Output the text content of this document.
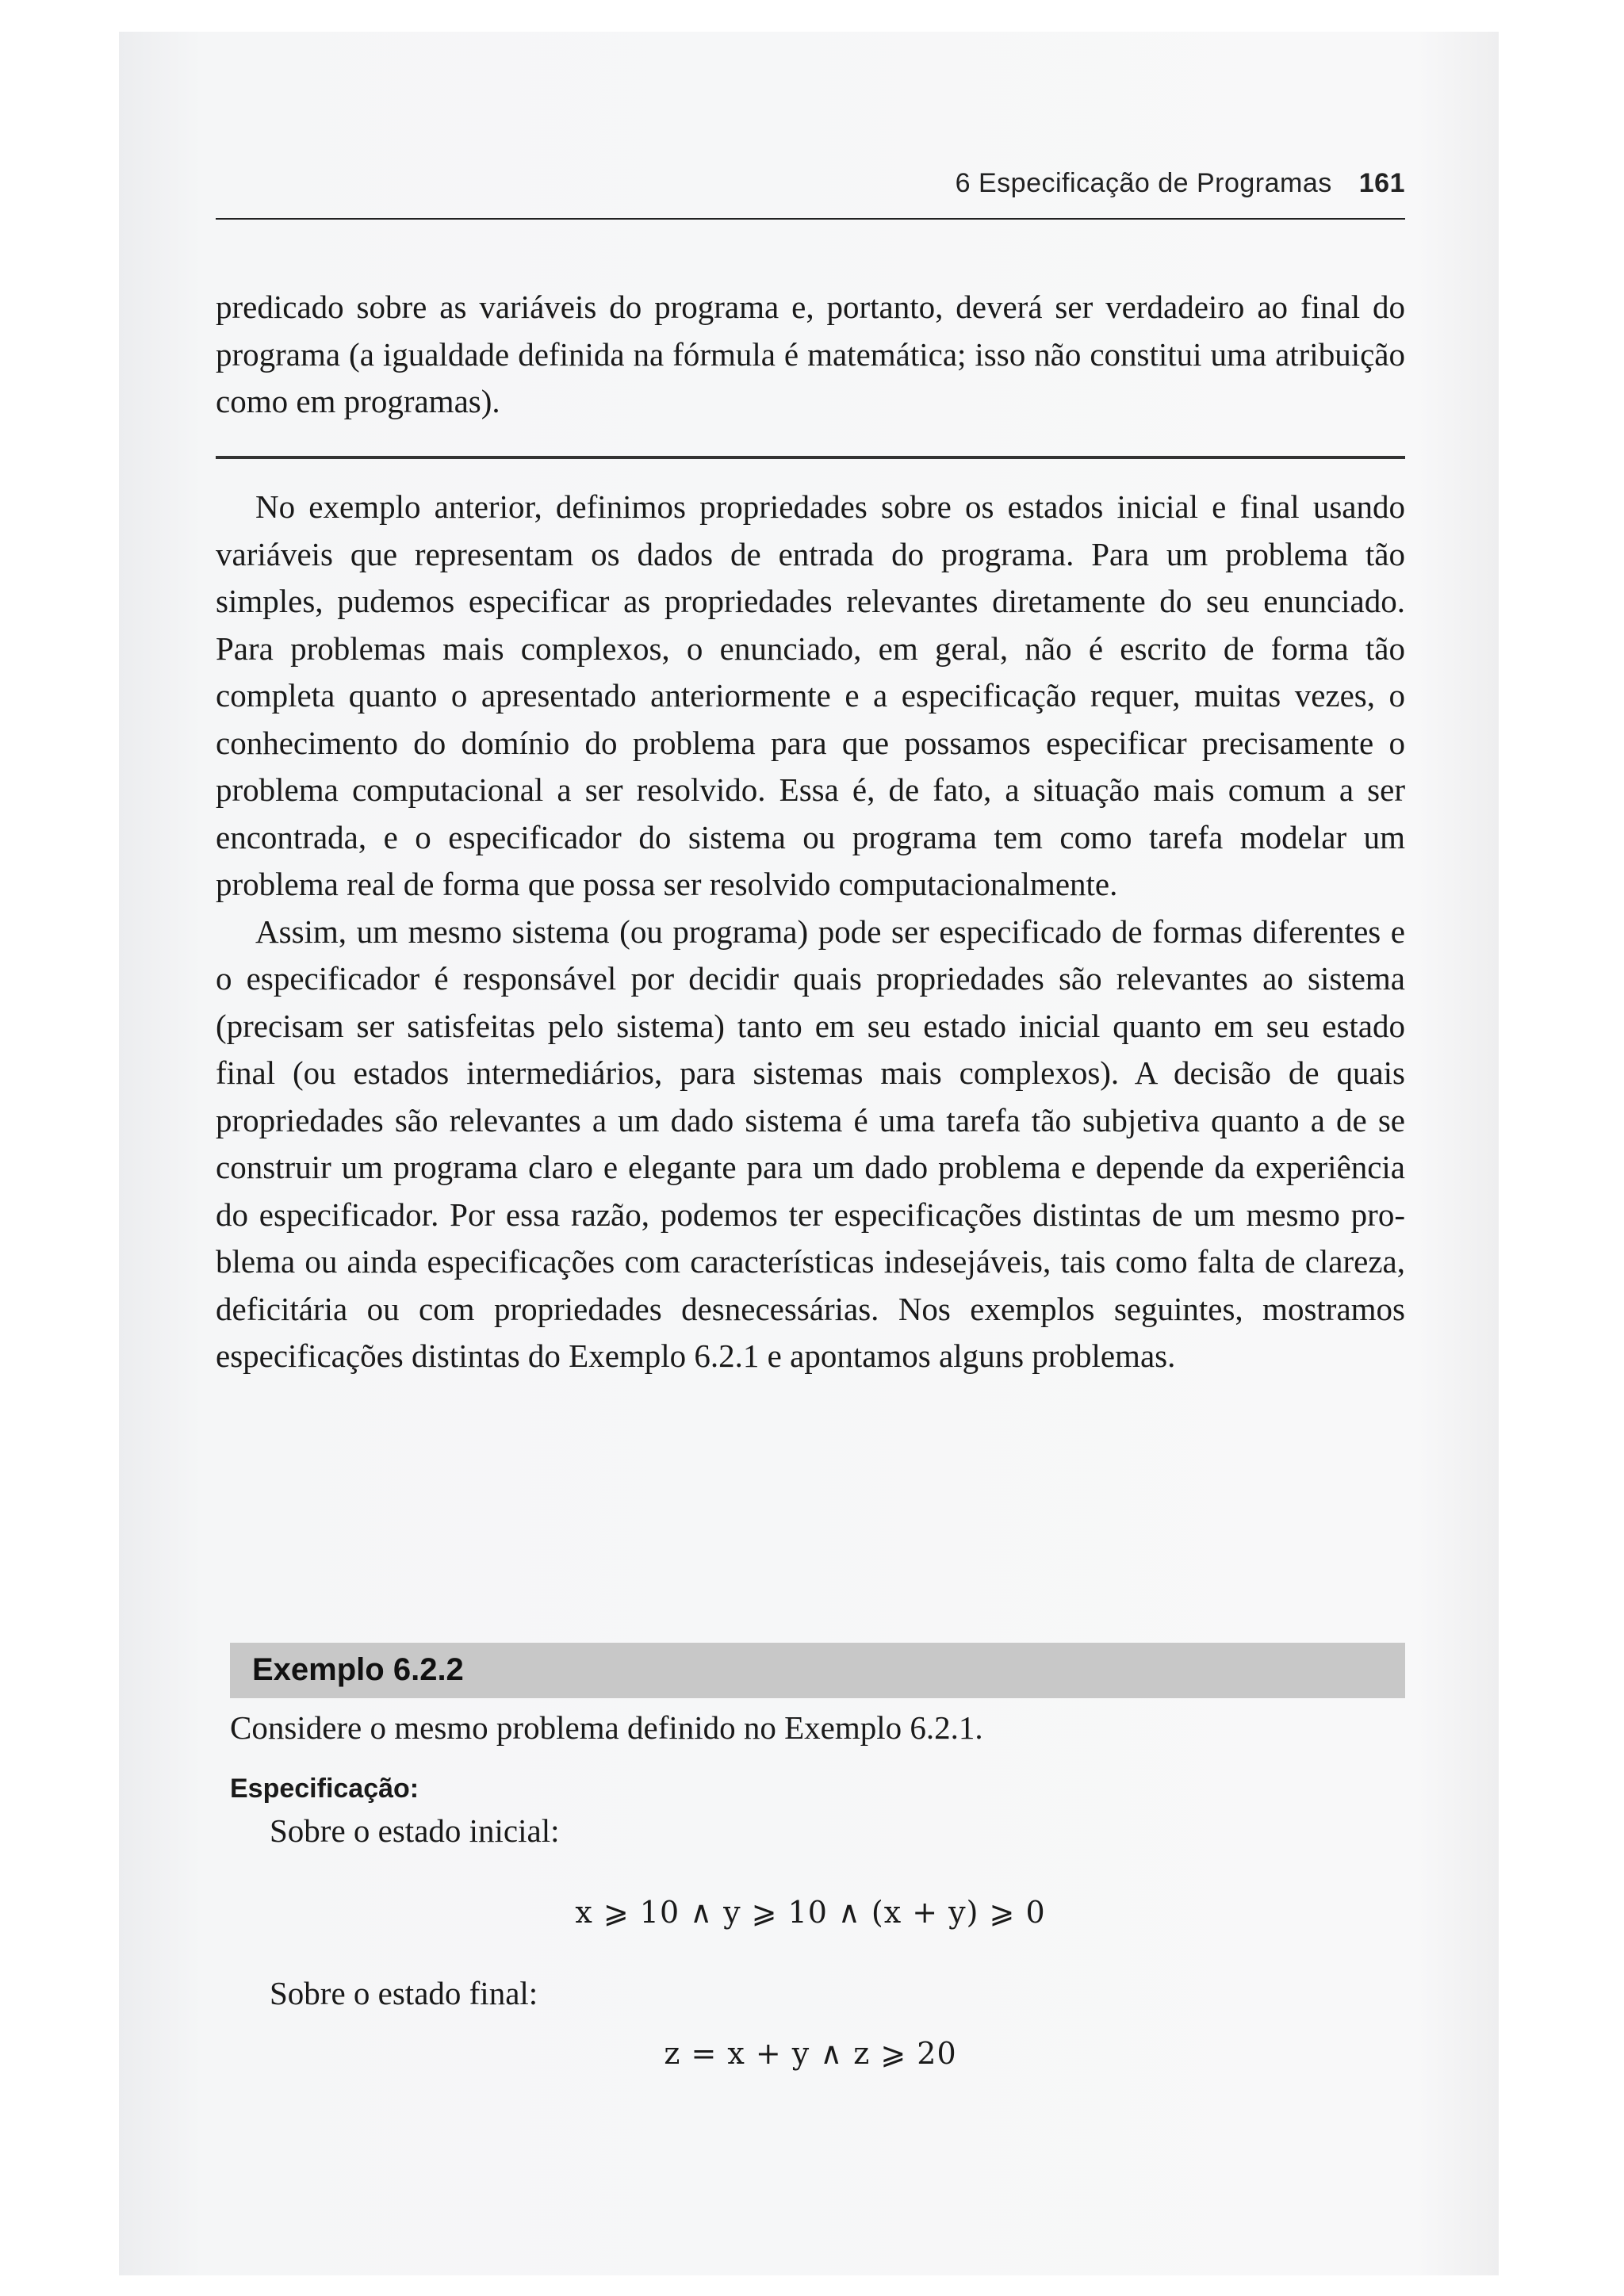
6 Especificação de Programas 161

predicado sobre as variáveis do programa e, portanto, deverá ser verdadeiro ao final do programa (a igualdade definida na fórmula é matemática; isso não constitui uma atribuição como em programas).

No exemplo anterior, definimos propriedades sobre os estados inicial e final usando variáveis que representam os dados de entrada do programa. Para um problema tão simples, pudemos especificar as propriedades relevantes diretamente do seu enunciado. Para problemas mais complexos, o enunciado, em geral, não é escrito de forma tão completa quanto o apresentado anteriormente e a especificação requer, muitas vezes, o conhecimento do domínio do problema para que possamos especificar precisamente o problema computacional a ser resolvido. Essa é, de fato, a situação mais comum a ser encontrada, e o especificador do sistema ou programa tem como tarefa modelar um problema real de forma que possa ser resolvido computacionalmente.

Assim, um mesmo sistema (ou programa) pode ser especificado de formas diferentes e o especificador é responsável por decidir quais propriedades são relevantes ao sistema (precisam ser satisfeitas pelo sistema) tanto em seu estado inicial quanto em seu estado final (ou estados intermediários, para sistemas mais complexos). A decisão de quais propriedades são relevantes a um dado sistema é uma tarefa tão subjetiva quanto a de se construir um programa claro e elegante para um dado problema e depende da experiência do especificador. Por essa razão, podemos ter especificações distintas de um mesmo problema ou ainda especificações com características indesejáveis, tais como falta de clareza, deficitária ou com propriedades desnecessárias. Nos exemplos seguintes, mostramos especificações distintas do Exemplo 6.2.1 e apontamos alguns problemas.

Exemplo 6.2.2
Considere o mesmo problema definido no Exemplo 6.2.1.
Especificação:
Sobre o estado inicial:
x ⩾ 10 ∧ y ⩾ 10 ∧ (x + y) ⩾ 0
Sobre o estado final:
z = x + y ∧ z ⩾ 20
